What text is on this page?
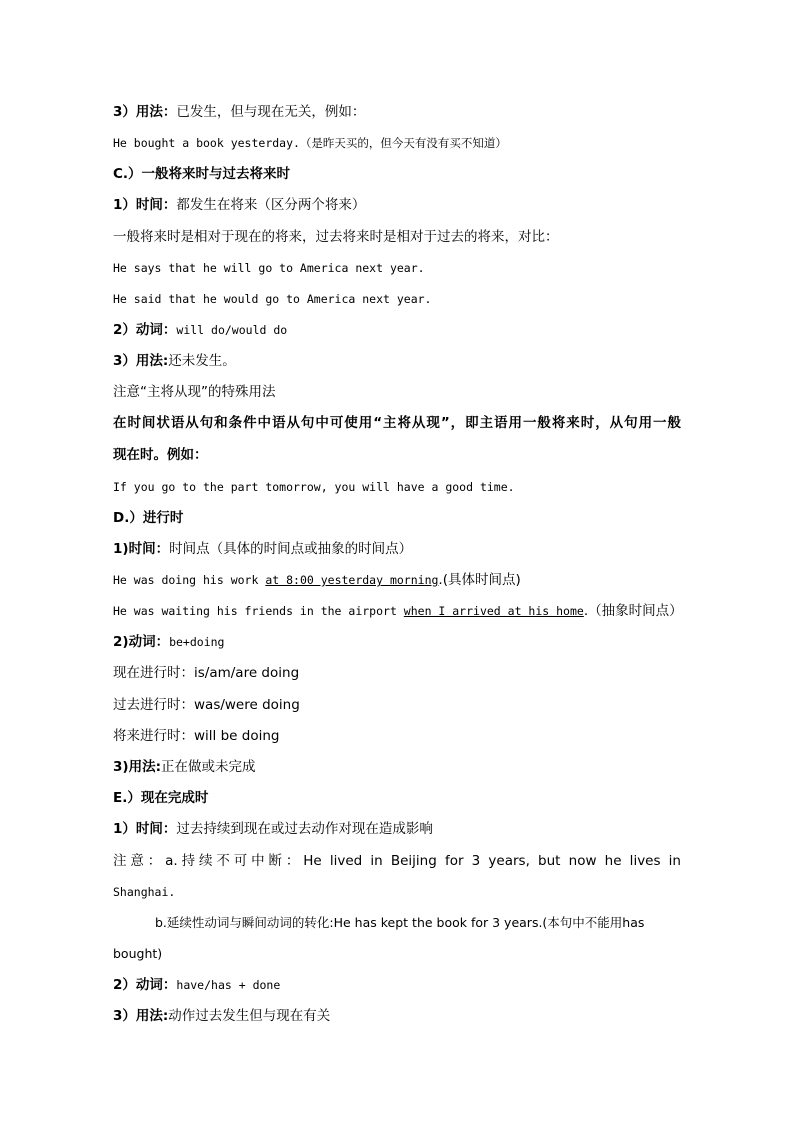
3）用法：已发生，但与现在无关，例如：
He bought a book yesterday.（是昨天买的，但今天有没有买不知道）
C.）一般将来时与过去将来时
1）时间：都发生在将来（区分两个将来）
一般将来时是相对于现在的将来，过去将来时是相对于过去的将来，对比：
He says that he will go to America next year.
He said that he would go to America next year.
2）动词：will do/would do
3）用法:还未发生。
注意“主将从现”的特殊用法
在时间状语从句和条件中语从句中可使用“主将从现”，即主语用一般将来时，从句用一般
现在时。例如：
If you go to the part tomorrow, you will have a good time.
D.）进行时
1)时间：时间点（具体的时间点或抽象的时间点）
He was doing his work at 8:00 yesterday morning.(具体时间点)
He was waiting his friends in the airport when I arrived at his home.（抽象时间点）
2)动词：be+doing
现在进行时：is/am/are doing
过去进行时：was/were doing
将来进行时：will be doing
3)用法:正在做或未完成
E.）现在完成时
1）时间：过去持续到现在或过去动作对现在造成影响
注意：a.持续不可中断：He lived in Beijing for 3 years, but now he lives in
Shanghai.
b.延续性动词与瞬间动词的转化:He has kept the book for 3 years.(本句中不能用has
bought)
2）动词：have/has + done
3）用法:动作过去发生但与现在有关
